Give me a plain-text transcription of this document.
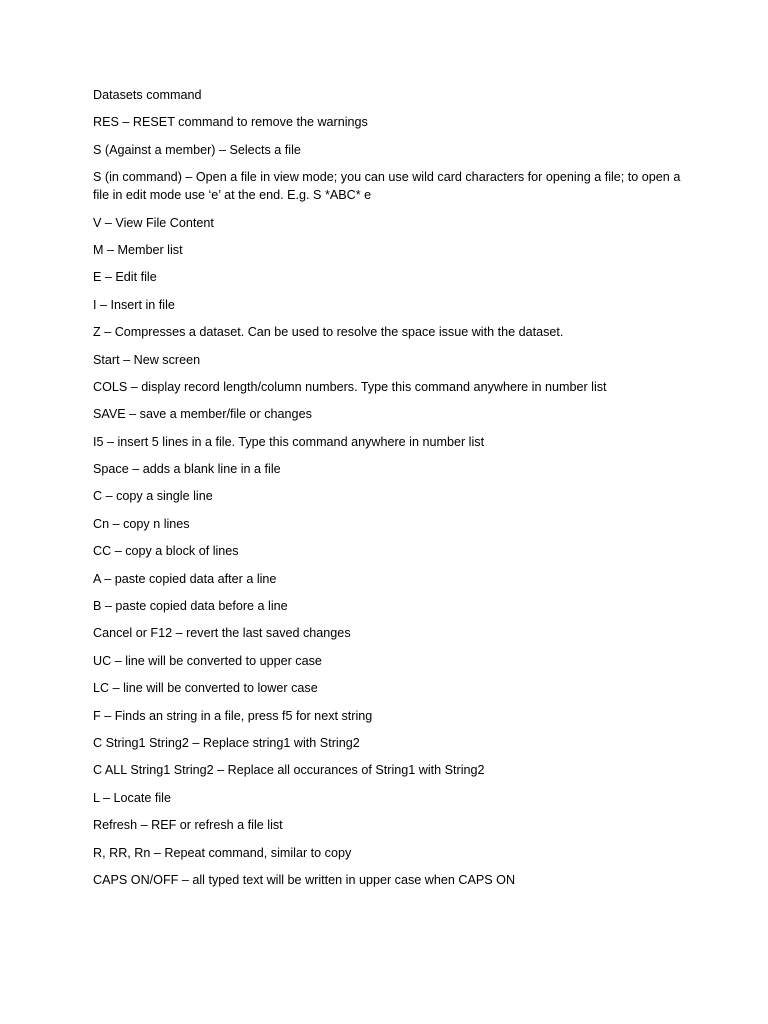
Datasets command

RES – RESET command to remove the warnings

S (Against a member) – Selects a file

S (in command) – Open a file in view mode; you can use wild card characters for opening a file; to open a file in edit mode use ‘e’ at the end. E.g. S *ABC* e

V – View File Content

M – Member list

E – Edit file

I – Insert in file

Z – Compresses a dataset. Can be used to resolve the space issue with the dataset.

Start – New screen

COLS – display record length/column numbers. Type this command anywhere in number list

SAVE – save a member/file or changes

I5 – insert 5 lines in a file. Type this command anywhere in number list

Space – adds a blank line in a file

C – copy a single line

Cn – copy n lines

CC – copy a block of lines

A – paste copied data after a line

B – paste copied data before a line

Cancel or F12 – revert the last saved changes

UC – line will be converted to upper case

LC – line will be converted to lower case

F – Finds an string in a file, press f5 for next string

C String1 String2 – Replace string1 with String2

C ALL String1 String2 – Replace all occurances of String1 with String2

L – Locate file

Refresh – REF or refresh a file list

R, RR, Rn – Repeat command, similar to copy

CAPS ON/OFF – all typed text will be written in upper case when CAPS ON
